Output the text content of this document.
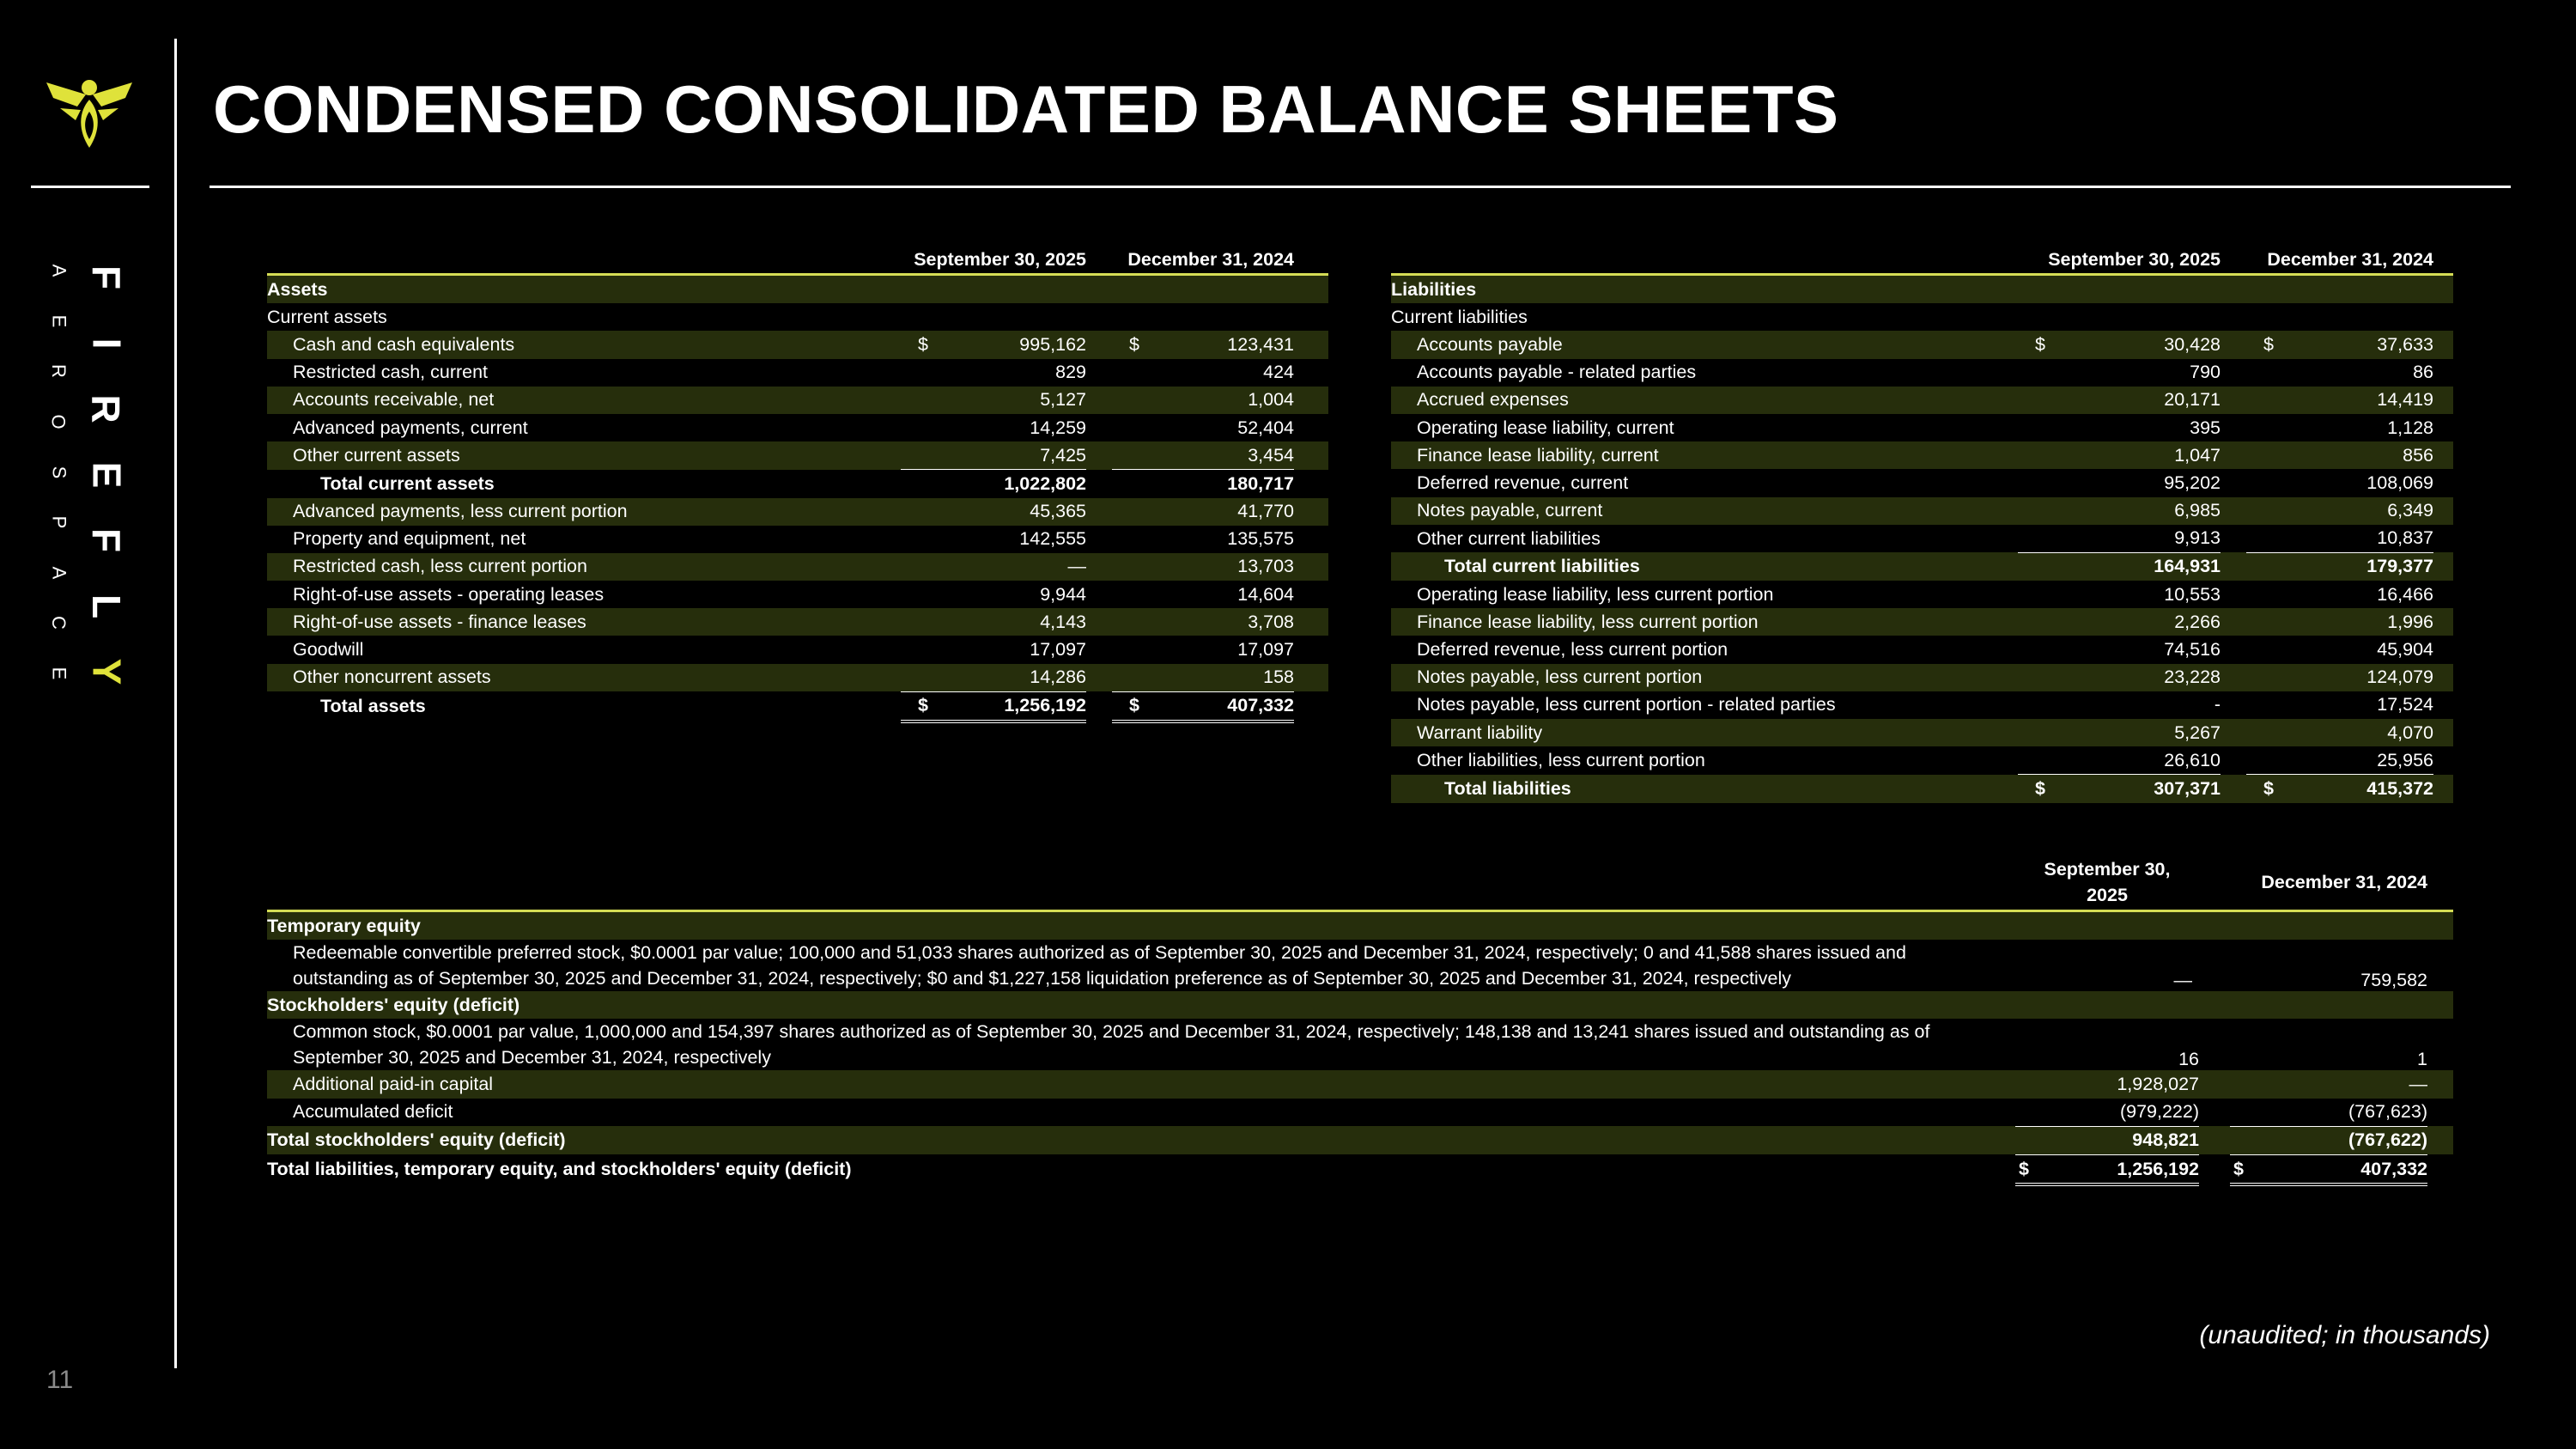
A
E
R
O
S
P
A
C
E
F
I
R
E
F
L
Y
CONDENSED CONSOLIDATED BALANCE SHEETS
11
(unaudited; in thousands)
	September 30, 2025			December 31, 2024		
Assets						
Current assets						
Cash and cash equivalents	$	995,162		$	123,431	
Restricted cash, current		829			424	
Accounts receivable, net		5,127			1,004	
Advanced payments, current		14,259			52,404	
Other current assets		7,425			3,454	
Total current assets		1,022,802			180,717	
Advanced payments, less current portion		45,365			41,770	
Property and equipment, net		142,555			135,575	
Restricted cash, less current portion		—			13,703	
Right-of-use assets - operating leases		9,944			14,604	
Right-of-use assets - finance leases		4,143			3,708	
Goodwill		17,097			17,097	
Other noncurrent assets		14,286			158	
Total assets	$	1,256,192		$	407,332	
	September 30, 2025			December 31, 2024		
Liabilities						
Current liabilities						
Accounts payable	$	30,428		$	37,633	
Accounts payable - related parties		790			86	
Accrued expenses		20,171			14,419	
Operating lease liability, current		395			1,128	
Finance lease liability, current		1,047			856	
Deferred revenue, current		95,202			108,069	
Notes payable, current		6,985			6,349	
Other current liabilities		9,913			10,837	
Total current liabilities		164,931			179,377	
Operating lease liability, less current portion		10,553			16,466	
Finance lease liability, less current portion		2,266			1,996	
Deferred revenue, less current portion		74,516			45,904	
Notes payable, less current portion		23,228			124,079	
Notes payable, less current portion - related parties		-			17,524	
Warrant liability		5,267			4,070	
Other liabilities, less current portion		26,610			25,956	
Total liabilities	$	307,371		$	415,372	
	September 30,
2025			December 31, 2024		
Temporary equity						
Redeemable convertible preferred stock, $0.0001 par value; 100,000 and 51,033 shares authorized as of September 30, 2025 and December 31, 2024, respectively; 0 and 41,588 shares issued and outstanding as of September 30, 2025 and December 31, 2024, respectively; $0 and $1,227,158 liquidation preference as of September 30, 2025 and December 31, 2024, respectively		—			759,582	
Stockholders' equity (deficit)						
Common stock, $0.0001 par value, 1,000,000 and 154,397 shares authorized as of September 30, 2025 and December 31, 2024, respectively; 148,138 and 13,241 shares issued and outstanding as of September 30, 2025 and December 31, 2024, respectively		16			1	
Additional paid-in capital		1,928,027			—	
Accumulated deficit		(979,222)			(767,623)	
Total stockholders' equity (deficit)		948,821			(767,622)	
Total liabilities, temporary equity, and stockholders' equity (deficit)	$	1,256,192		$	407,332	
